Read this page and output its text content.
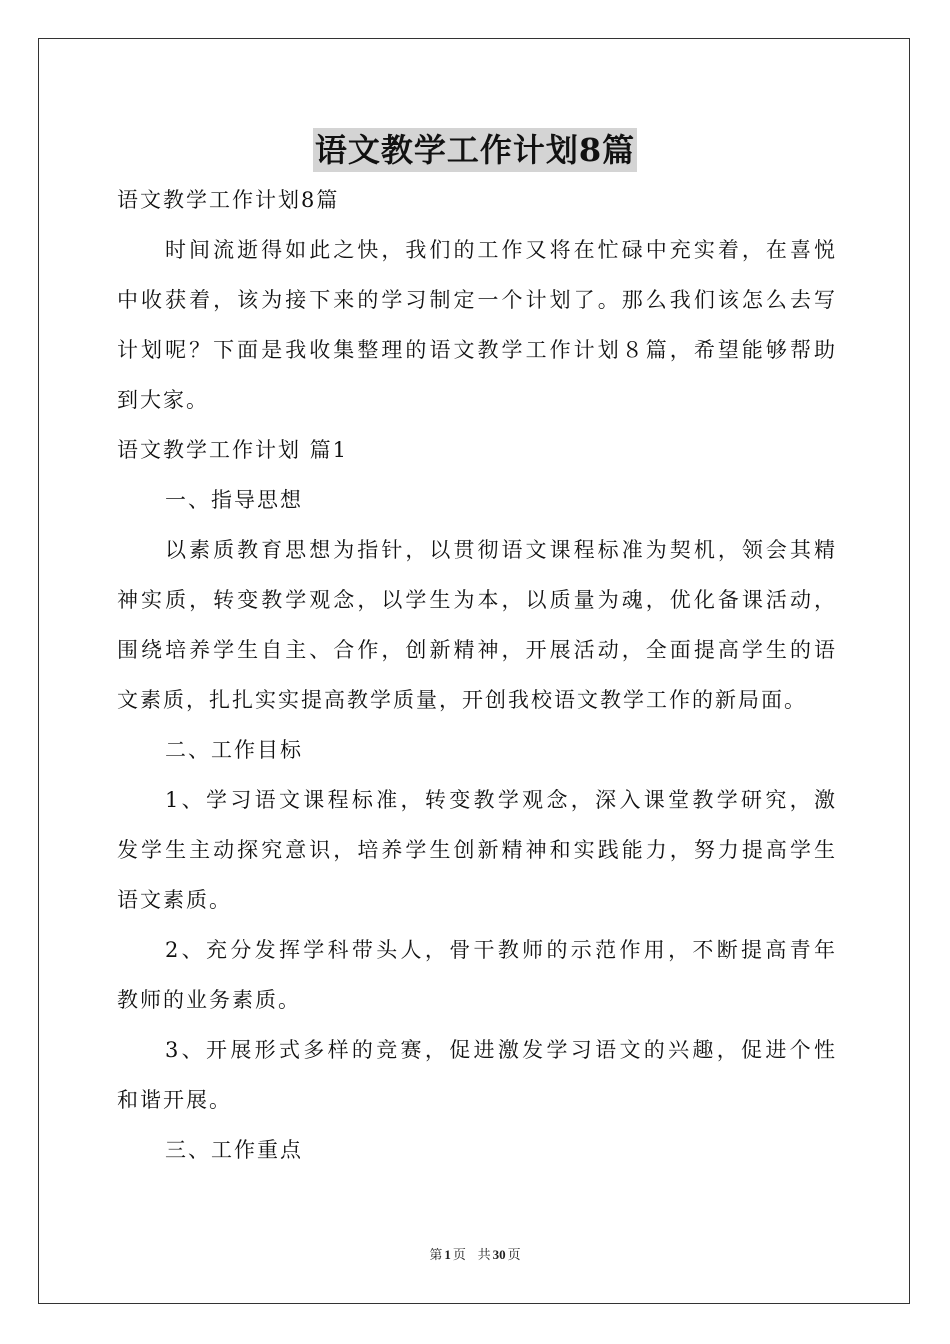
语文教学工作计划8篇
语文教学工作计划8篇
时间流逝得如此之快，我们的工作又将在忙碌中充实着，在喜悦
中收获着，该为接下来的学习制定一个计划了。那么我们该怎么去写
计划呢？下面是我收集整理的语文教学工作计划８篇，希望能够帮助
到大家。
语文教学工作计划 篇1
一、指导思想
以素质教育思想为指针，以贯彻语文课程标准为契机，领会其精
神实质，转变教学观念，以学生为本，以质量为魂，优化备课活动，
围绕培养学生自主、合作，创新精神，开展活动，全面提高学生的语
文素质，扎扎实实提高教学质量，开创我校语文教学工作的新局面。
二、工作目标
1、学习语文课程标准，转变教学观念，深入课堂教学研究，激
发学生主动探究意识，培养学生创新精神和实践能力，努力提高学生
语文素质。
2、充分发挥学科带头人，骨干教师的示范作用，不断提高青年
教师的业务素质。
3、开展形式多样的竞赛，促进激发学习语文的兴趣，促进个性
和谐开展。
三、工作重点
第 1 页 共 30 页
